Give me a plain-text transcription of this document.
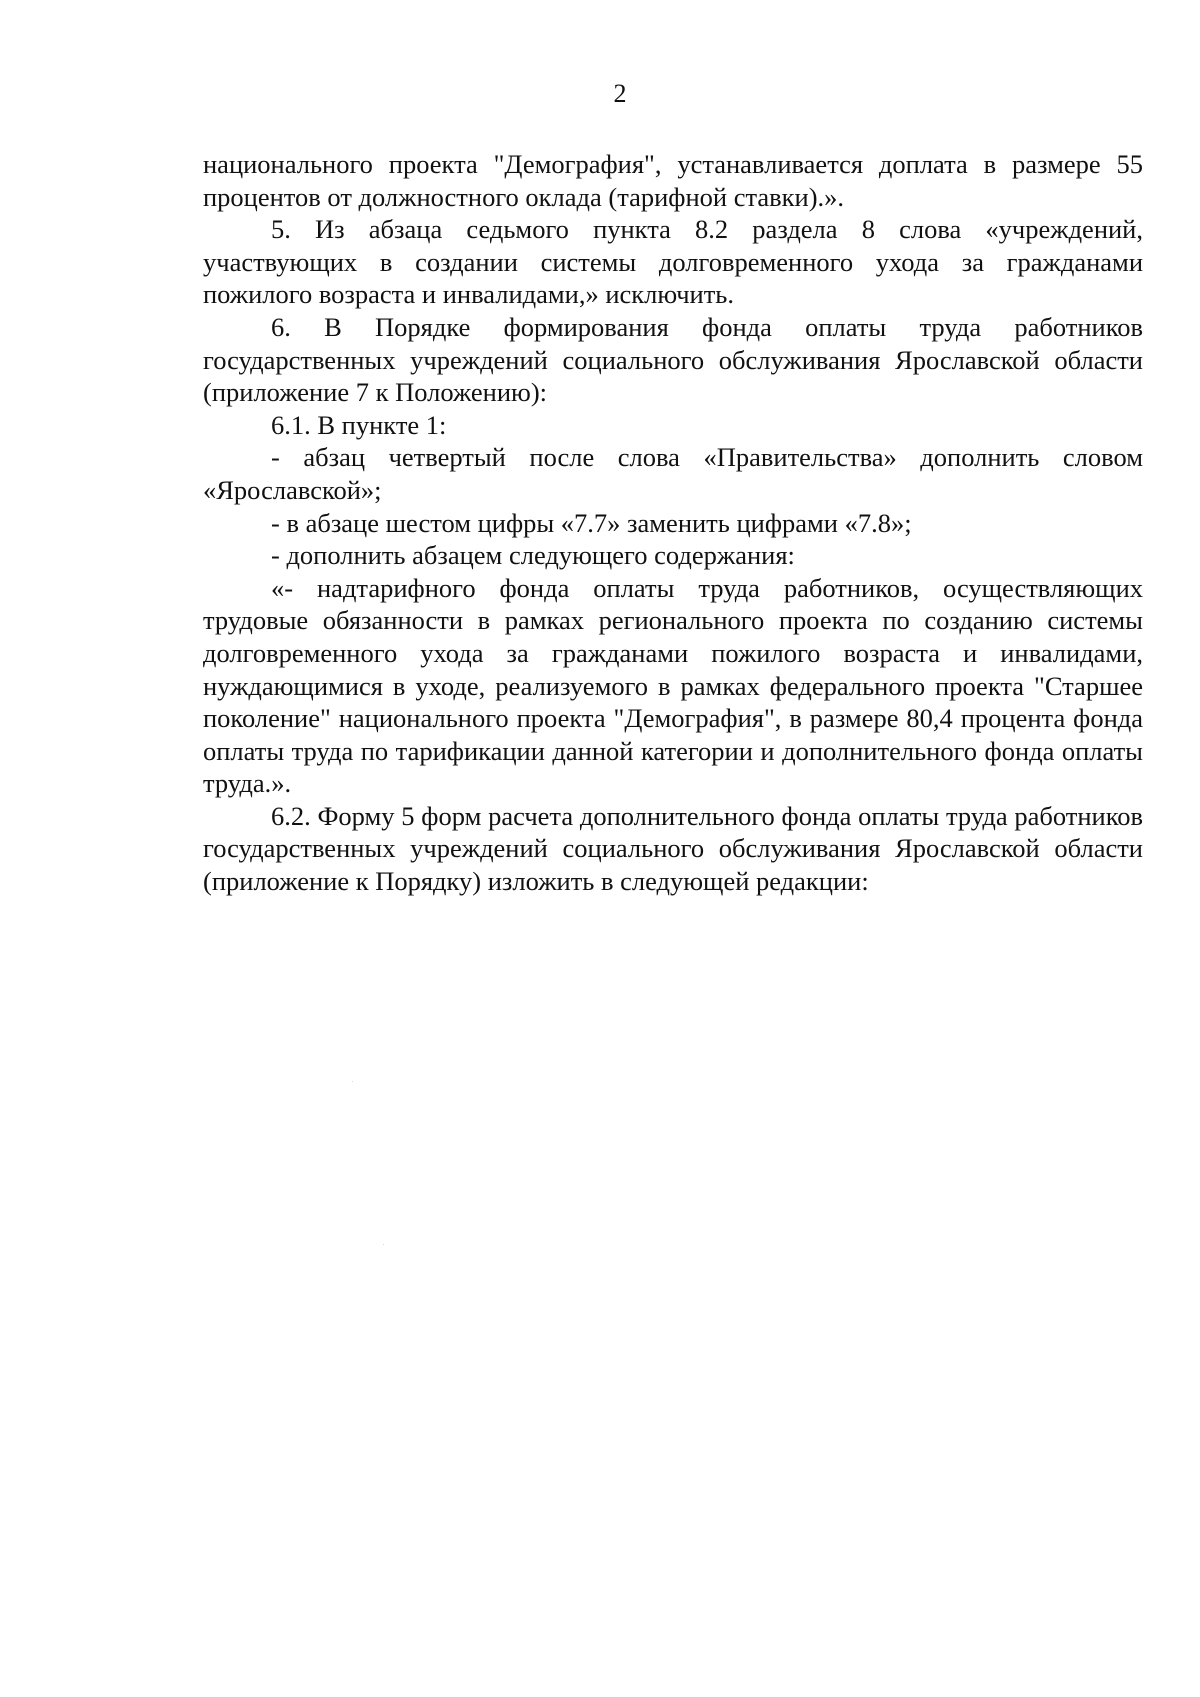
2

национального проекта "Демография", устанавливается доплата в размере 55 процентов от должностного оклада (тарифной ставки).».

5. Из абзаца седьмого пункта 8.2 раздела 8 слова «учреждений, участвующих в создании системы долговременного ухода за гражданами пожилого возраста и инвалидами,» исключить.

6. В Порядке формирования фонда оплаты труда работников государственных учреждений социального обслуживания Ярославской области (приложение 7 к Положению):

6.1. В пункте 1:

- абзац четвертый после слова «Правительства» дополнить словом «Ярославской»;

- в абзаце шестом цифры «7.7» заменить цифрами «7.8»;

- дополнить абзацем следующего содержания:

«- надтарифного фонда оплаты труда работников, осуществляющих трудовые обязанности в рамках регионального проекта по созданию системы долговременного ухода за гражданами пожилого возраста и инвалидами, нуждающимися в уходе, реализуемого в рамках федерального проекта "Старшее поколение" национального проекта "Демография", в размере 80,4 процента фонда оплаты труда по тарификации данной категории и дополнительного фонда оплаты труда.».

6.2. Форму 5 форм расчета дополнительного фонда оплаты труда работников государственных учреждений социального обслуживания Ярославской области (приложение к Порядку) изложить в следующей редакции:
